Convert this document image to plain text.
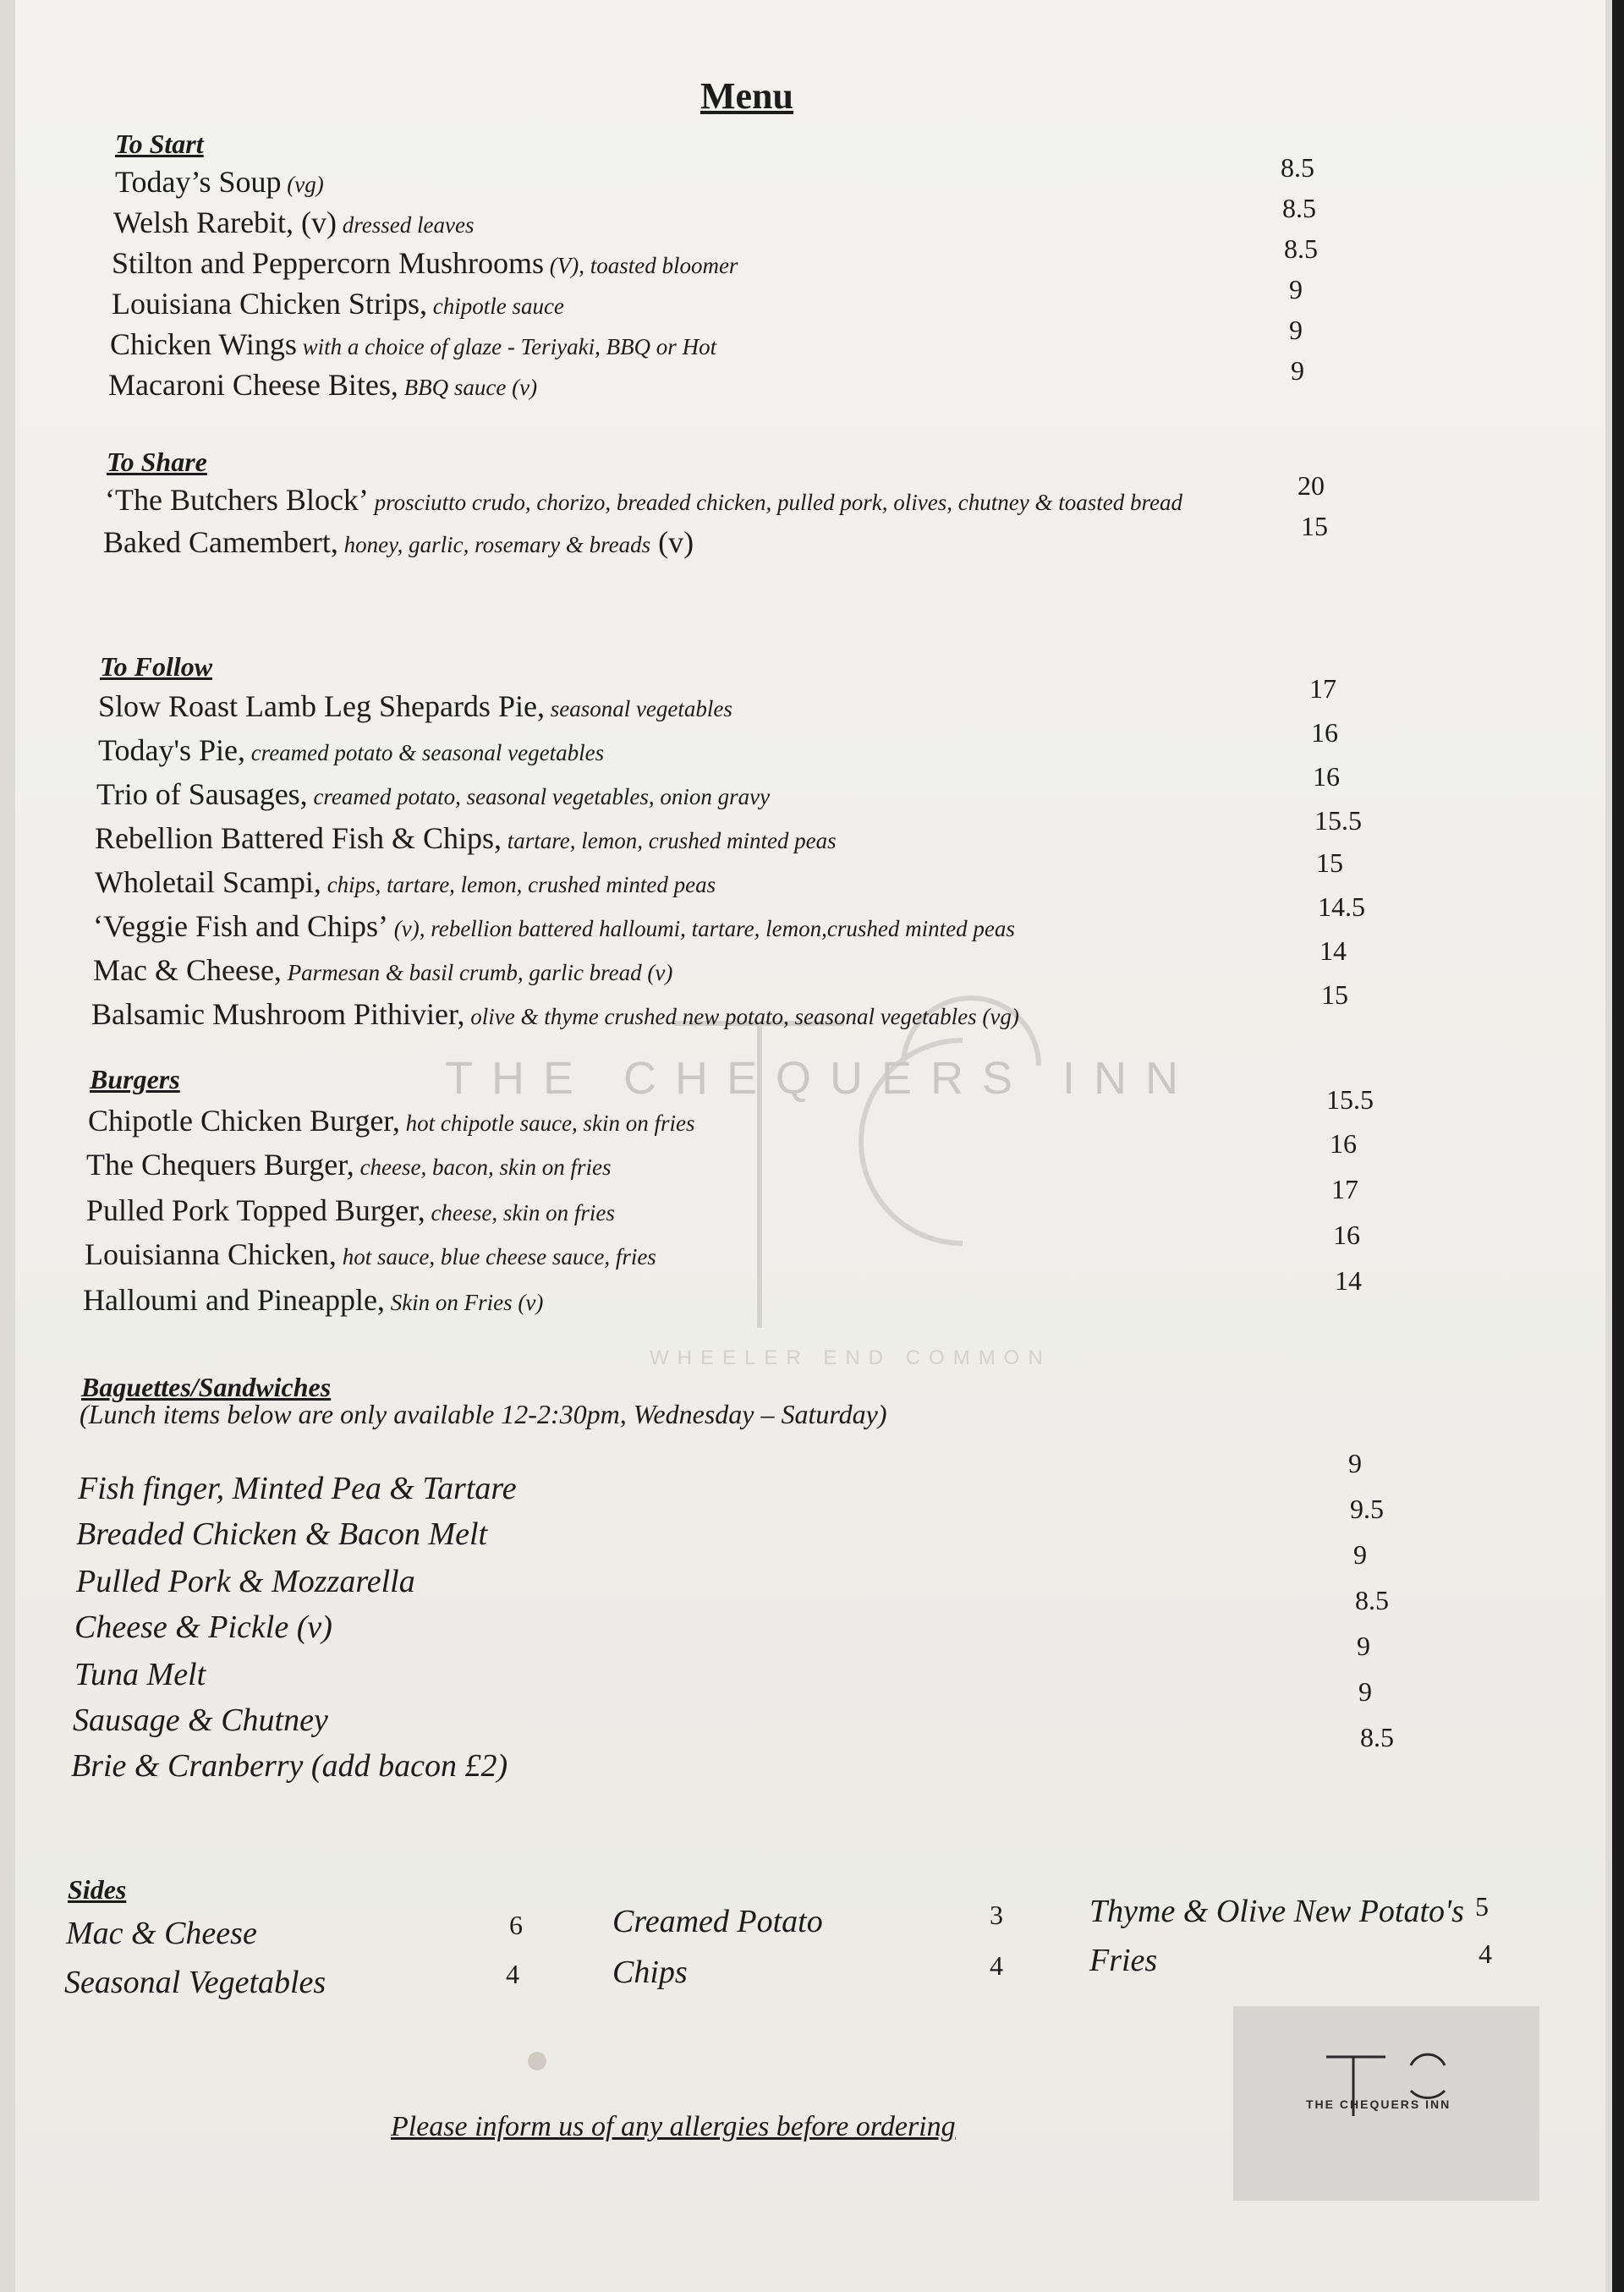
THE CHEQUERS INN
WHEELER END COMMON
Menu
To Start
Today’s Soup (vg)
Welsh Rarebit, (v) dressed leaves
Stilton and Peppercorn Mushrooms (V), toasted bloomer
Louisiana Chicken Strips, chipotle sauce
Chicken Wings with a choice of glaze - Teriyaki, BBQ or Hot
Macaroni Cheese Bites, BBQ sauce (v)
8.5
8.5
8.5
9
9
9
To Share
‘The Butchers Block’ prosciutto crudo, chorizo, breaded chicken, pulled pork, olives, chutney & toasted bread
Baked Camembert, honey, garlic, rosemary & breads (v)
20
15
To Follow
Slow Roast Lamb Leg Shepards Pie, seasonal vegetables
Today's Pie, creamed potato & seasonal vegetables
Trio of Sausages, creamed potato, seasonal vegetables, onion gravy
Rebellion Battered Fish & Chips, tartare, lemon, crushed minted peas
Wholetail Scampi, chips, tartare, lemon, crushed minted peas
‘Veggie Fish and Chips’ (v), rebellion battered halloumi, tartare, lemon,crushed minted peas
Mac & Cheese, Parmesan & basil crumb, garlic bread (v)
Balsamic Mushroom Pithivier, olive & thyme crushed new potato, seasonal vegetables (vg)
17
16
16
15.5
15
14.5
14
15
Burgers
Chipotle Chicken Burger, hot chipotle sauce, skin on fries
The Chequers Burger, cheese, bacon, skin on fries
Pulled Pork Topped Burger, cheese, skin on fries
Louisianna Chicken, hot sauce, blue cheese sauce, fries
Halloumi and Pineapple, Skin on Fries (v)
15.5
16
17
16
14
Baguettes/Sandwiches
(Lunch items below are only available 12-2:30pm, Wednesday – Saturday)
Fish finger, Minted Pea & Tartare
Breaded Chicken & Bacon Melt
Pulled Pork & Mozzarella
Cheese & Pickle (v)
Tuna Melt
Sausage & Chutney
Brie & Cranberry (add bacon £2)
9
9.5
9
8.5
9
9
8.5
Sides
Mac & Cheese
Seasonal Vegetables
6
4
Creamed Potato
Chips
3
4
Thyme & Olive New Potato's
Fries
5
4
Please inform us of any allergies before ordering
THE CHEQUERS INN
